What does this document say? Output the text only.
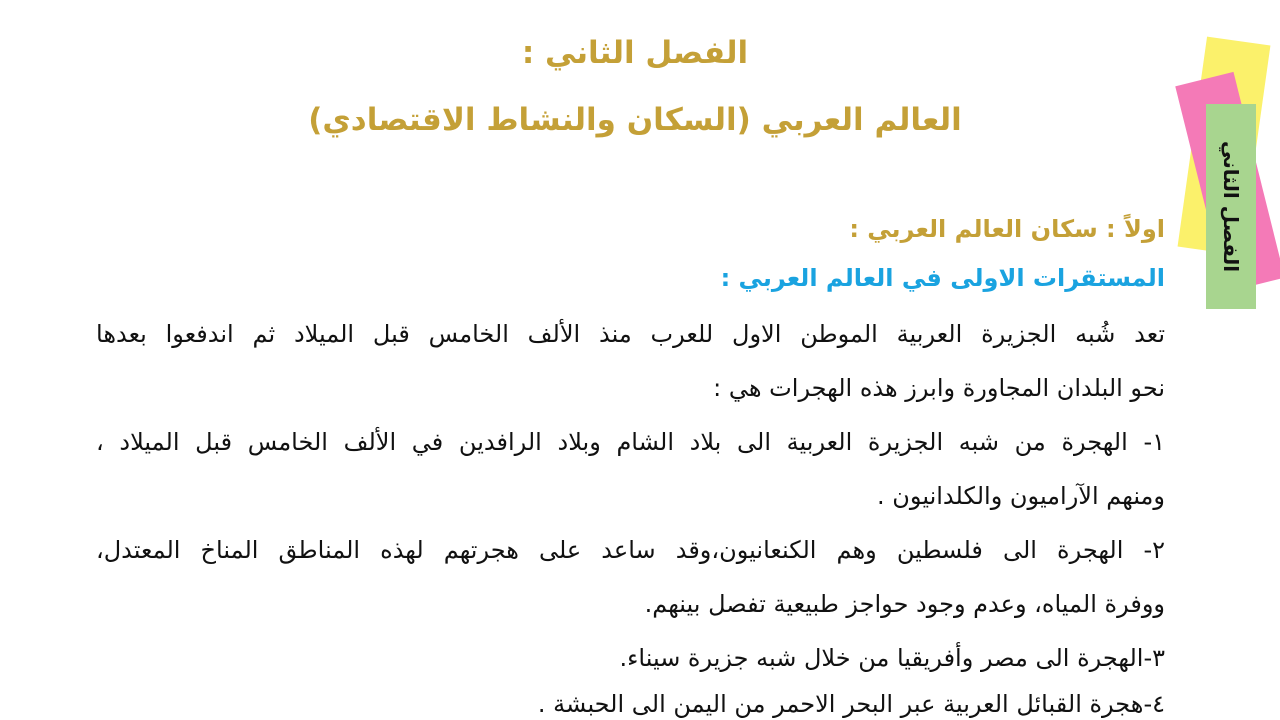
الفصل الثاني :
العالم العربي (السكان والنشاط الاقتصادي)
الفصل الثاني
اولاً : سكان العالم العربي :
المستقرات الاولى في العالم العربي :

تعد شُبه الجزيرة العربية الموطن الاول للعرب منذ الألف الخامس قبل الميلاد ثم اندفعوا بعدها

نحو البلدان المجاورة وابرز هذه الهجرات هي :

١- الهجرة من شبه الجزيرة العربية الى بلاد الشام وبلاد الرافدين في الألف الخامس قبل الميلاد ،

ومنهم الآراميون والكلدانيون .

٢- الهجرة الى فلسطين وهم الكنعانيون،وقد ساعد على هجرتهم لهذه المناطق المناخ المعتدل،

ووفرة المياه، وعدم وجود حواجز طبيعية تفصل بينهم.

٣-الهجرة الى مصر وأفريقيا من خلال شبه جزيرة سيناء.

٤-هجرة القبائل العربية عبر البحر الاحمر من اليمن الى الحبشة .
